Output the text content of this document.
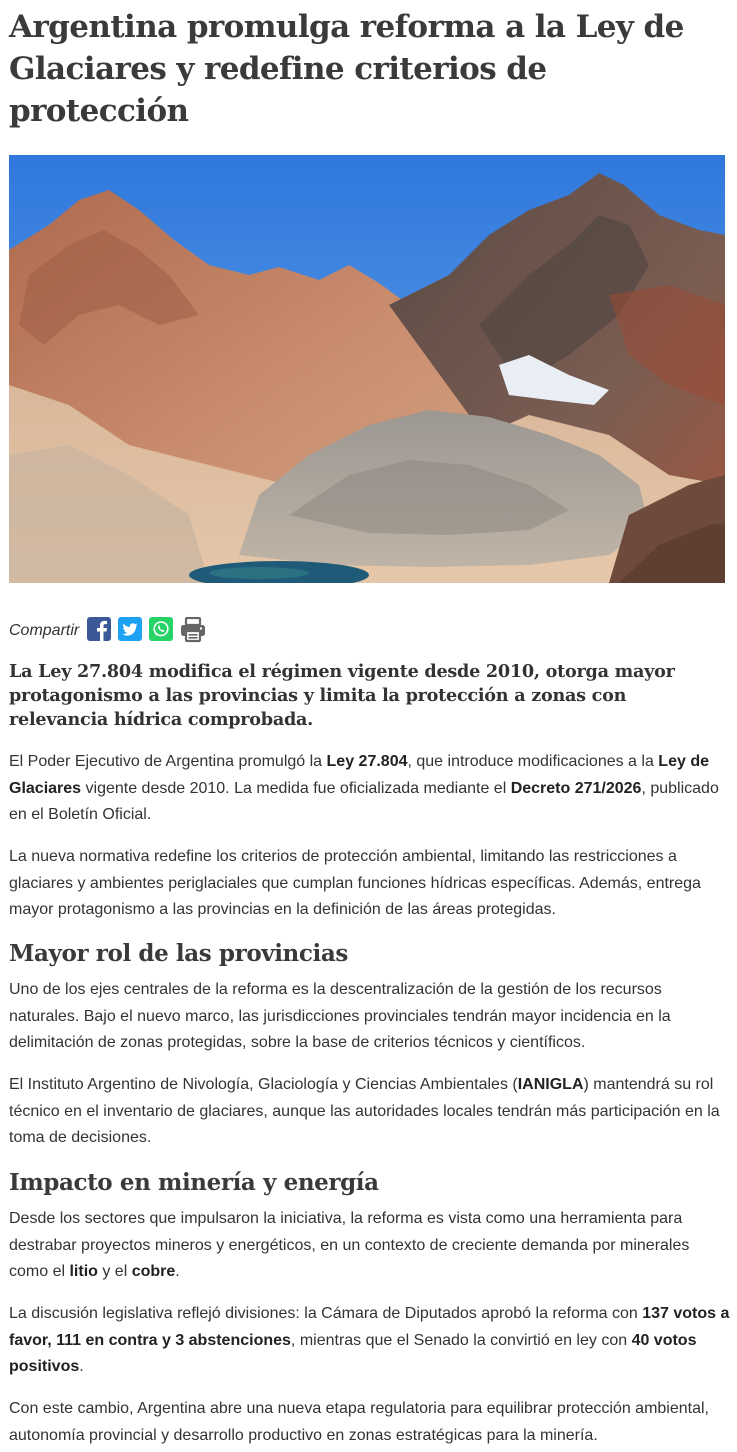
Argentina promulga reforma a la Ley de Glaciares y redefine criterios de protección
Compartir

La Ley 27.804 modifica el régimen vigente desde 2010, otorga mayor protagonismo a las provincias y limita la protección a zonas con relevancia hídrica comprobada.

El Poder Ejecutivo de Argentina promulgó la Ley 27.804, que introduce modificaciones a la Ley de Glaciares vigente desde 2010. La medida fue oficializada mediante el Decreto 271/2026, publicado en el Boletín Oficial.

La nueva normativa redefine los criterios de protección ambiental, limitando las restricciones a glaciares y ambientes periglaciales que cumplan funciones hídricas específicas. Además, entrega mayor protagonismo a las provincias en la definición de las áreas protegidas.

Mayor rol de las provincias

Uno de los ejes centrales de la reforma es la descentralización de la gestión de los recursos naturales. Bajo el nuevo marco, las jurisdicciones provinciales tendrán mayor incidencia en la delimitación de zonas protegidas, sobre la base de criterios técnicos y científicos.

El Instituto Argentino de Nivología, Glaciología y Ciencias Ambientales (IANIGLA) mantendrá su rol técnico en el inventario de glaciares, aunque las autoridades locales tendrán más participación en la toma de decisiones.

Impacto en minería y energía

Desde los sectores que impulsaron la iniciativa, la reforma es vista como una herramienta para destrabar proyectos mineros y energéticos, en un contexto de creciente demanda por minerales como el litio y el cobre.

La discusión legislativa reflejó divisiones: la Cámara de Diputados aprobó la reforma con 137 votos a favor, 111 en contra y 3 abstenciones, mientras que el Senado la convirtió en ley con 40 votos positivos.

Con este cambio, Argentina abre una nueva etapa regulatoria para equilibrar protección ambiental, autonomía provincial y desarrollo productivo en zonas estratégicas para la minería.
